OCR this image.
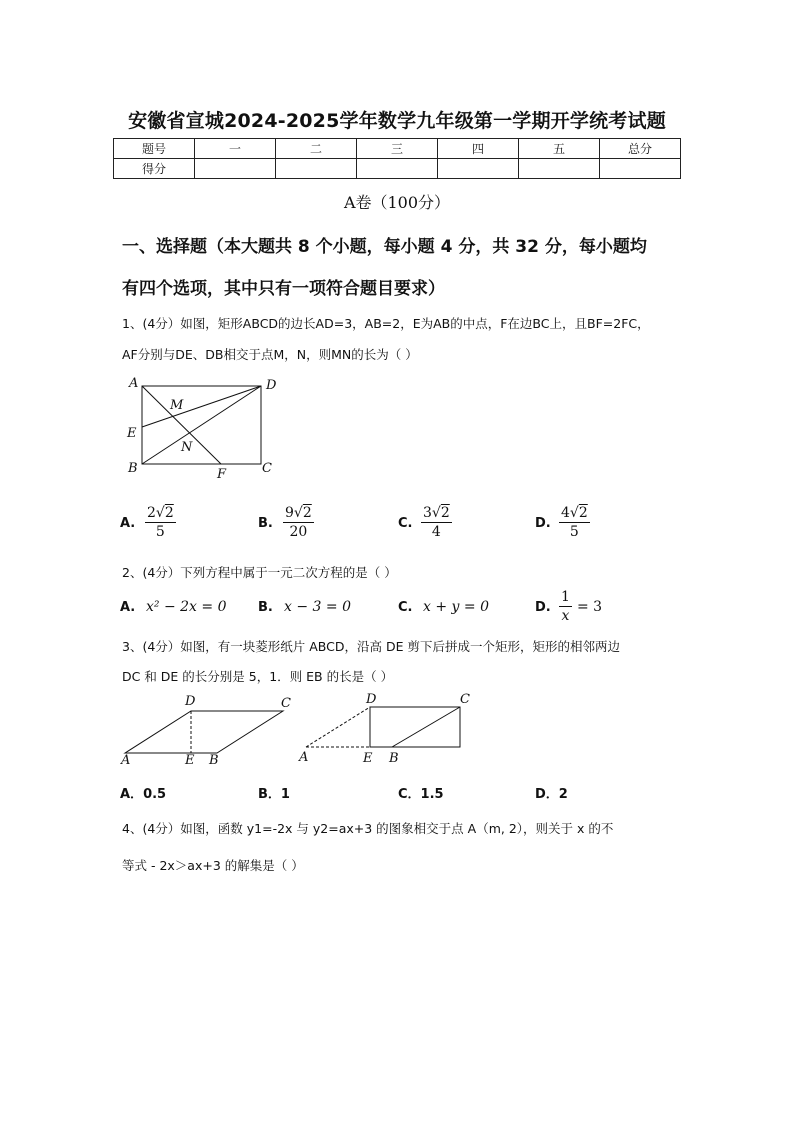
安徽省宣城2024-2025学年数学九年级第一学期开学统考试题
题号	一	二	三	四	五	总分
得分						
A卷（100分）
一、选择题（本大题共 8 个小题，每小题 4 分，共 32 分，每小题均
有四个选项，其中只有一项符合题目要求）
1、(4分）如图，矩形ABCD的边长AD=3，AB=2，E为AB的中点，F在边BC上，且BF=2FC，
AF分别与DE、DB相交于点M，N，则MN的长为（ ）
A	D
M
E
N
B	F	C
A.
2√2
5
B.
9√2
20
C.
3√2
4
D.
4√2
5
2、(4分）下列方程中属于一元二次方程的是（ ）
A. x² − 2x = 0 B. x − 3 = 0	C. x + y = 0	D.
1
x
= 3
3、(4分）如图，有一块菱形纸片 ABCD，沿高 DE 剪下后拼成一个矩形，矩形的相邻两边
DC 和 DE 的长分别是 5，1．则 EB 的长是（ ）
D	C
A	E B
D	C
A	E B
A．0.5	B．1	C．1.5	D．2
4、(4分）如图，函数 y1=-2x 与 y2=ax+3 的图象相交于点 A（m, 2），则关于 x 的不
等式 - 2x＞ax+3 的解集是（ ）
